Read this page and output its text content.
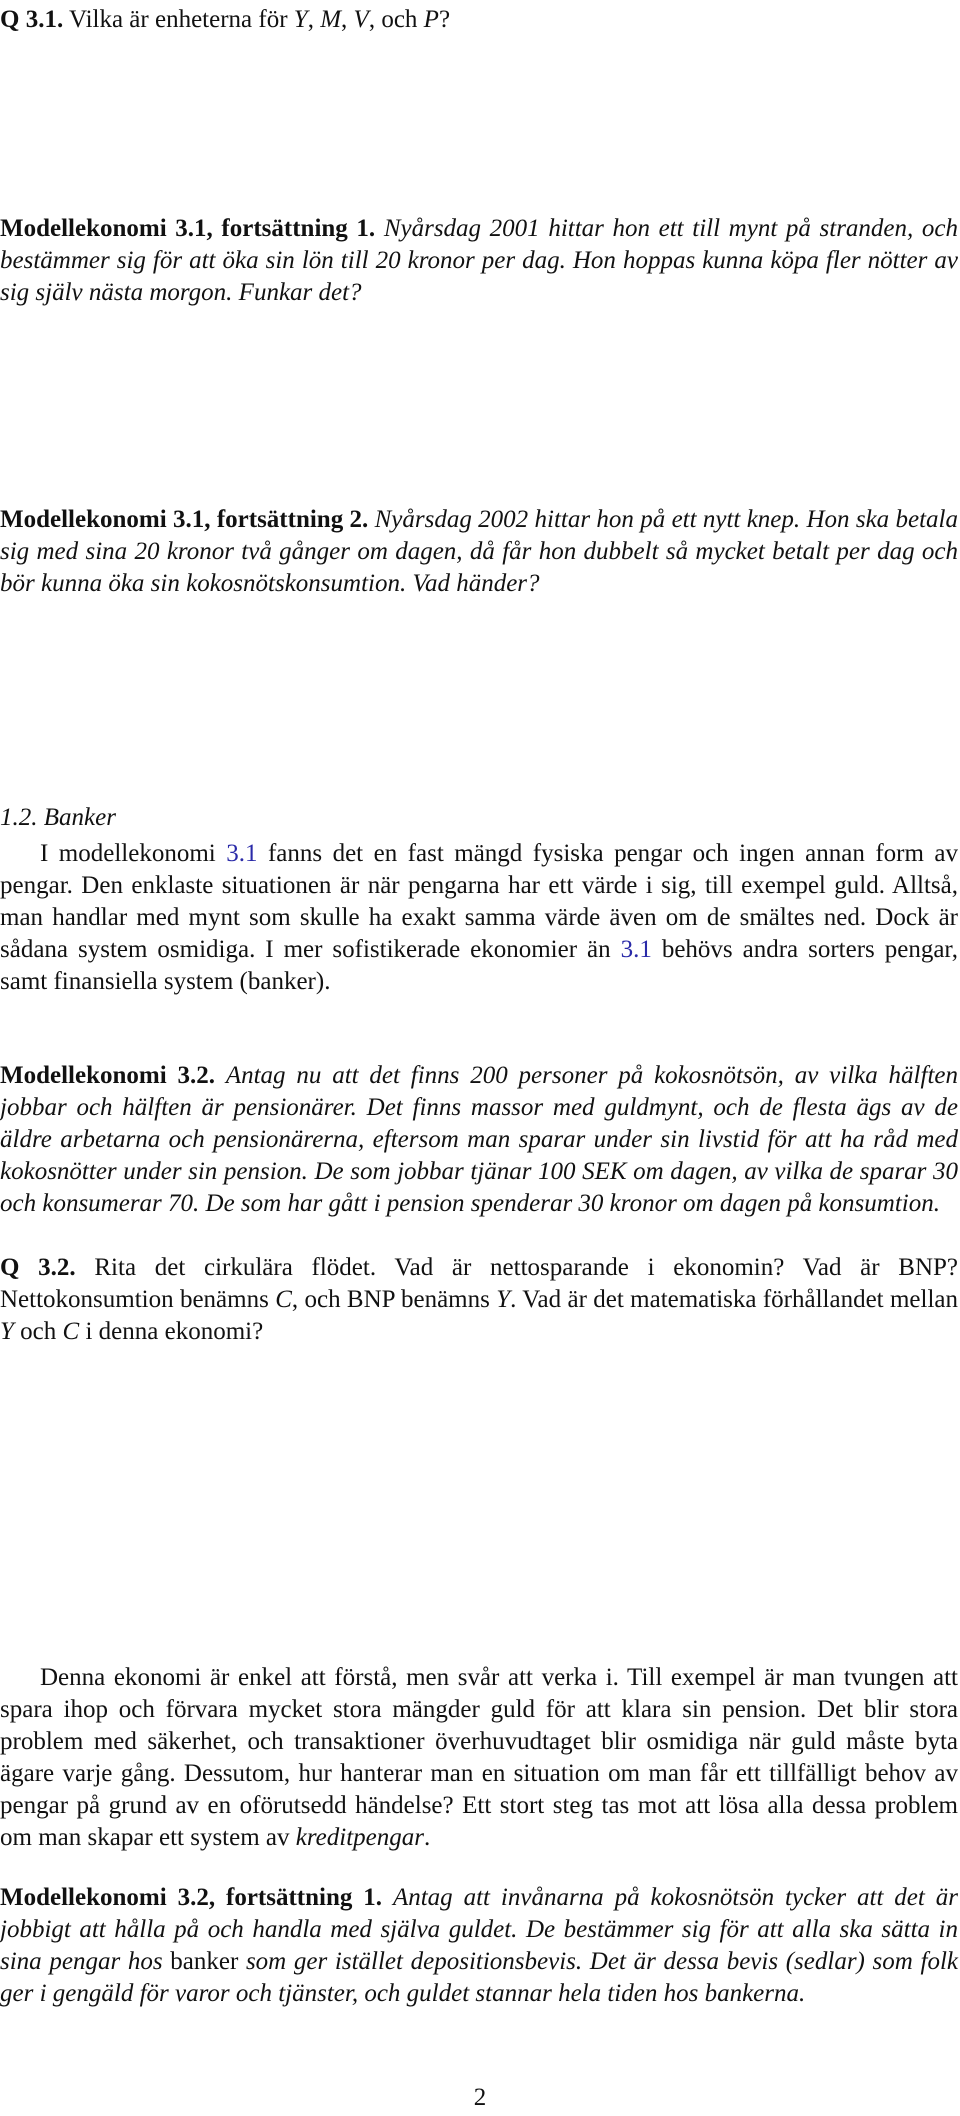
Q 3.1. Vilka är enheterna för Y, M, V, och P?
Modellekonomi 3.1, fortsättning 1. Nyårsdag 2001 hittar hon ett till mynt på stranden, och bestämmer sig för att öka sin lön till 20 kronor per dag. Hon hoppas kunna köpa fler nötter av sig själv nästa morgon. Funkar det?
Modellekonomi 3.1, fortsättning 2. Nyårsdag 2002 hittar hon på ett nytt knep. Hon ska betala sig med sina 20 kronor två gånger om dagen, då får hon dubbelt så mycket betalt per dag och bör kunna öka sin kokosnötskonsumtion. Vad händer?
1.2. Banker
I modellekonomi 3.1 fanns det en fast mängd fysiska pengar och ingen annan form av pengar. Den enklaste situationen är när pengarna har ett värde i sig, till exempel guld. Alltså, man handlar med mynt som skulle ha exakt samma värde även om de smältes ned. Dock är sådana system osmidiga. I mer sofistikerade ekonomier än 3.1 behövs andra sorters pengar, samt finansiella system (banker).
Modellekonomi 3.2. Antag nu att det finns 200 personer på kokosnötsön, av vilka hälften jobbar och hälften är pensionärer. Det finns massor med guldmynt, och de flesta ägs av de äldre arbetarna och pensionärerna, eftersom man sparar under sin livstid för att ha råd med kokosnötter under sin pension. De som jobbar tjänar 100 SEK om dagen, av vilka de sparar 30 och konsumerar 70. De som har gått i pension spenderar 30 kronor om dagen på konsumtion.
Q 3.2. Rita det cirkulära flödet. Vad är nettosparande i ekonomin? Vad är BNP? Nettokonsumtion benämns C, och BNP benämns Y. Vad är det matematiska förhållandet mellan Y och C i denna ekonomi?
Denna ekonomi är enkel att förstå, men svår att verka i. Till exempel är man tvungen att spara ihop och förvara mycket stora mängder guld för att klara sin pension. Det blir stora problem med säkerhet, och transaktioner överhuvudtaget blir osmidiga när guld måste byta ägare varje gång. Dessutom, hur hanterar man en situation om man får ett tillfälligt behov av pengar på grund av en oförutsedd händelse? Ett stort steg tas mot att lösa alla dessa problem om man skapar ett system av kreditpengar.
Modellekonomi 3.2, fortsättning 1. Antag att invånarna på kokosnötsön tycker att det är jobbigt att hålla på och handla med själva guldet. De bestämmer sig för att alla ska sätta in sina pengar hos banker som ger istället depositionsbevis. Det är dessa bevis (sedlar) som folk ger i gengäld för varor och tjänster, och guldet stannar hela tiden hos bankerna.
2
